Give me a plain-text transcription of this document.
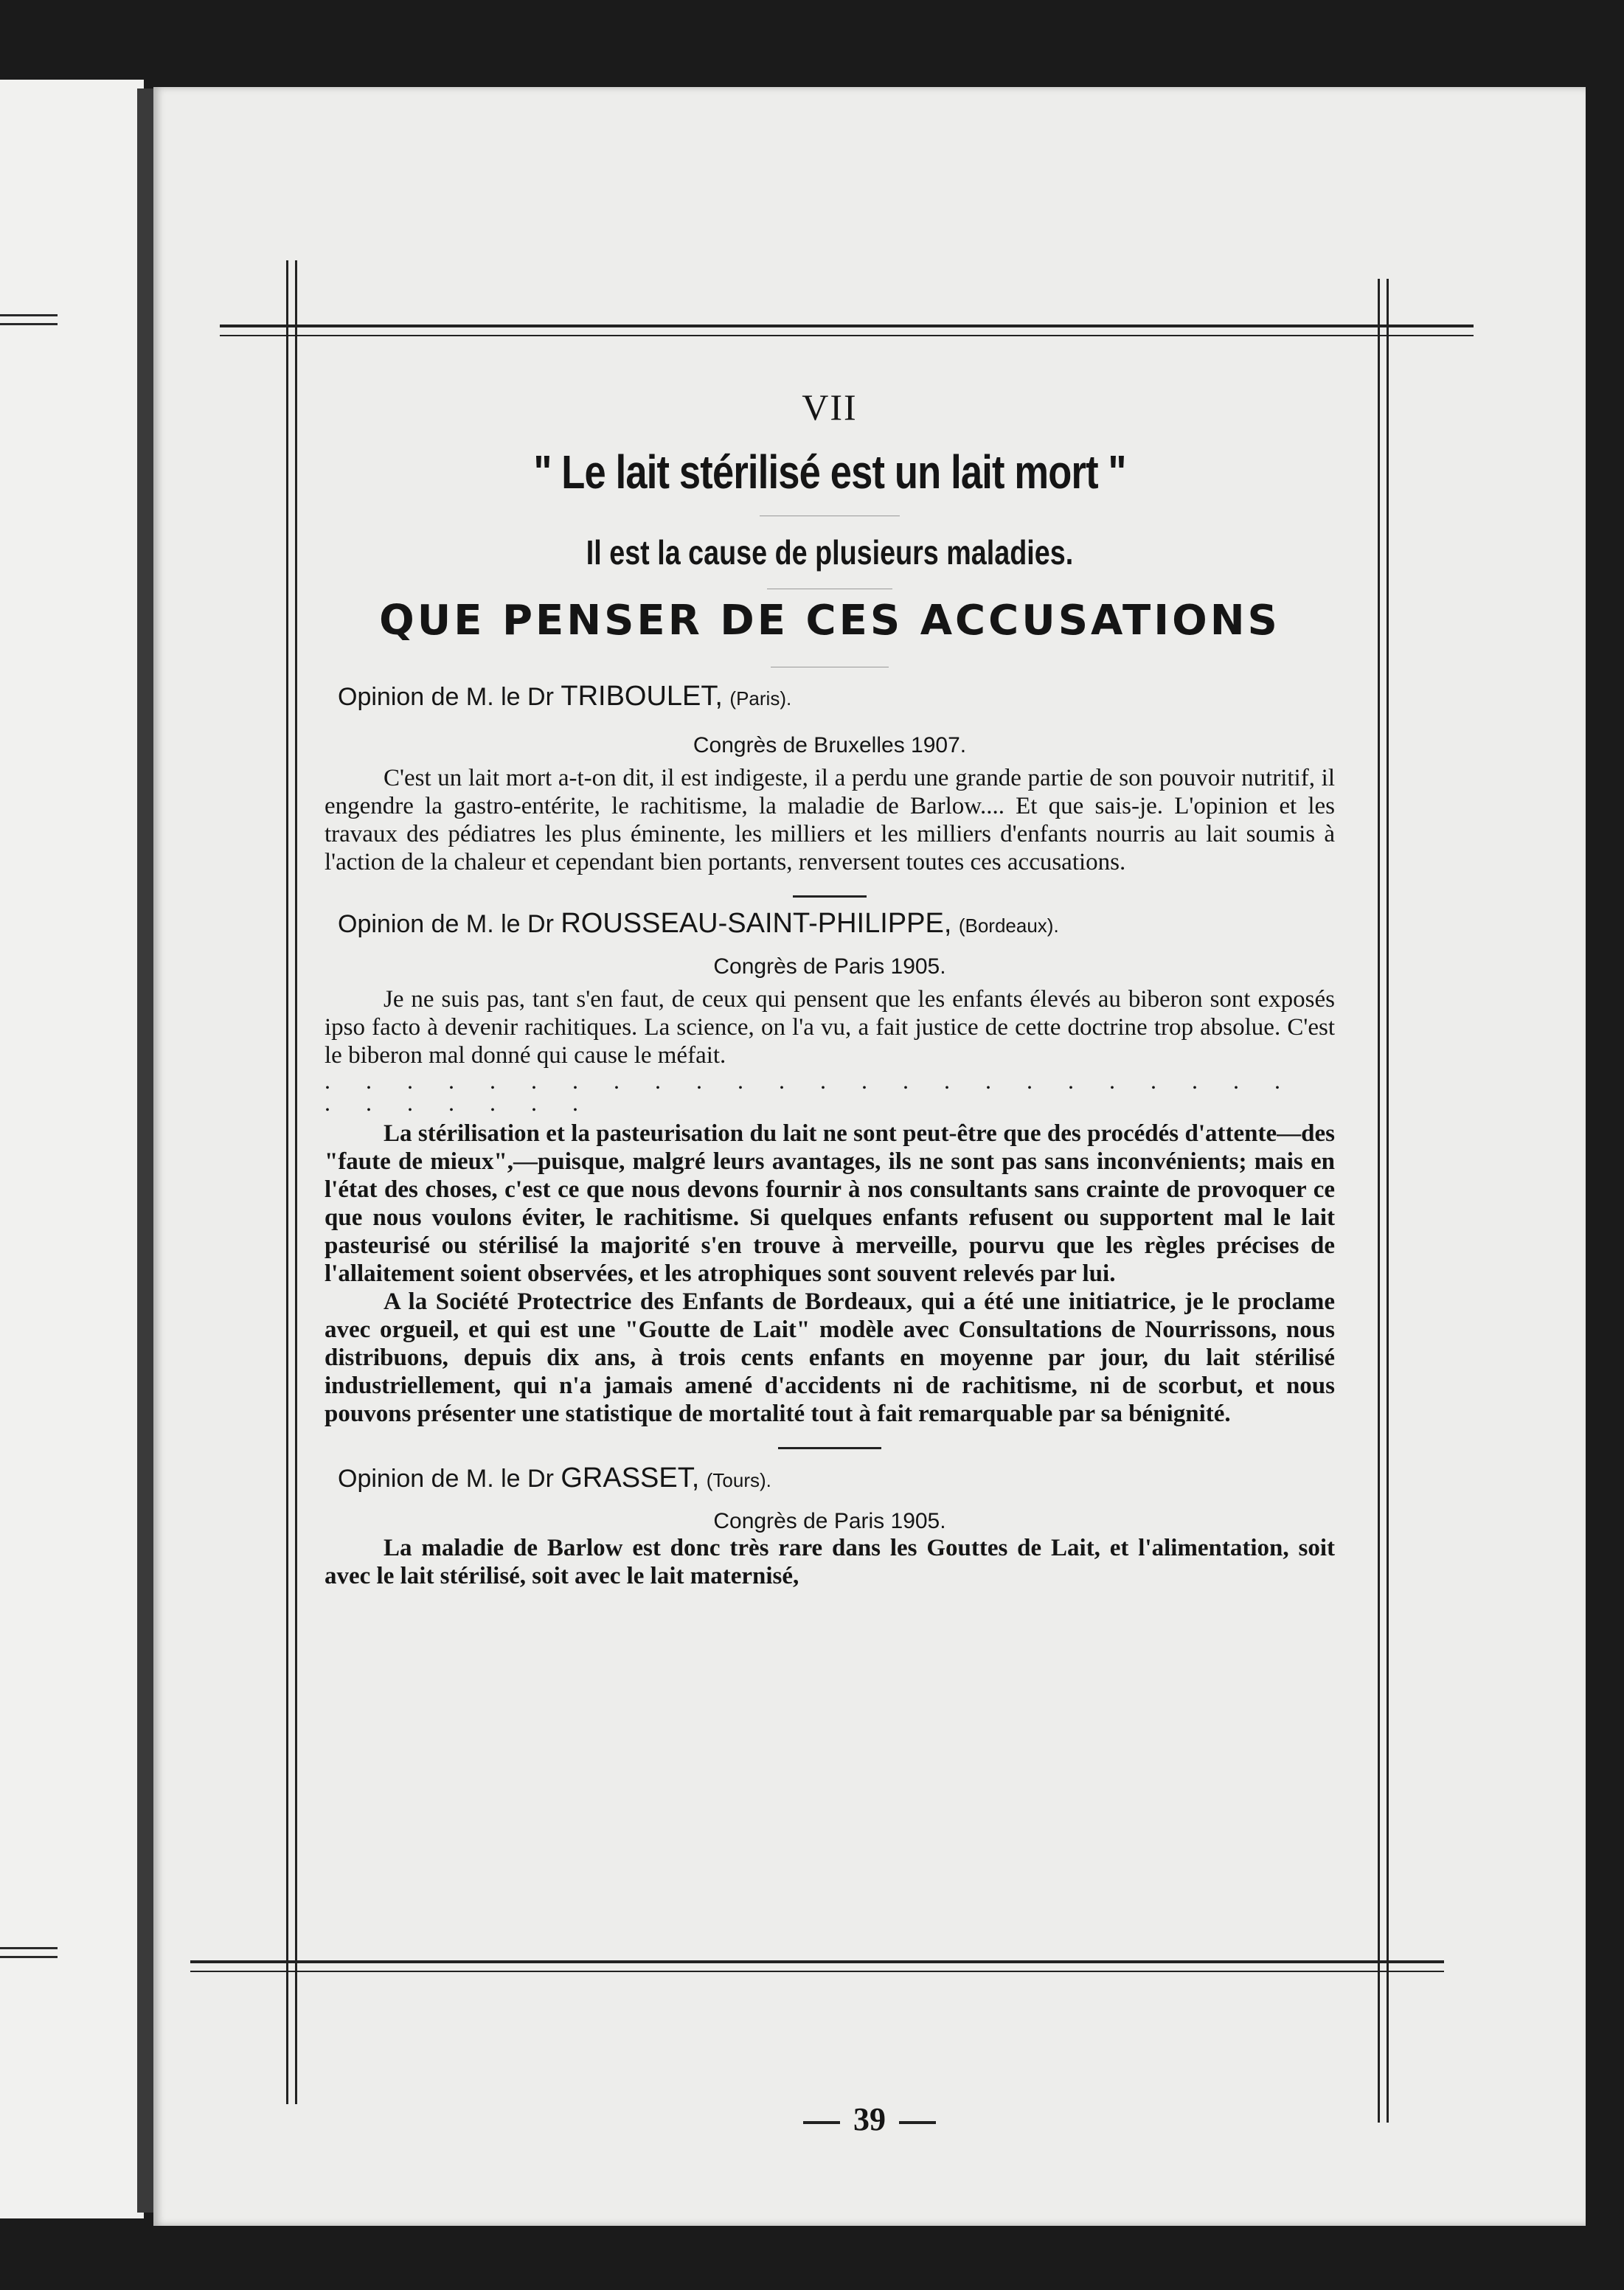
VII
" Le lait stérilisé est un lait mort "
Il est la cause de plusieurs maladies.
QUE PENSER DE CES ACCUSATIONS
Opinion de M. le Dr TRIBOULET, (Paris).
Congrès de Bruxelles 1907.

C'est un lait mort a-t-on dit, il est indigeste, il a perdu une grande partie de son pouvoir nutritif, il engendre la gastro-entérite, le rachitisme, la maladie de Barlow.... Et que sais-je. L'opinion et les travaux des pédiatres les plus éminente, les milliers et les milliers d'enfants nourris au lait soumis à l'action de la chaleur et cependant bien portants, renversent toutes ces accusations.

Opinion de M. le Dr ROUSSEAU-SAINT-PHILIPPE, (Bordeaux).
Congrès de Paris 1905.

Je ne suis pas, tant s'en faut, de ceux qui pensent que les enfants élevés au biberon sont exposés ipso facto à devenir rachitiques. La science, on l'a vu, a fait justice de cette doctrine trop absolue. C'est le biberon mal donné qui cause le méfait.

. . . . . . . . . . . . . . . . . . . . . . . . . . . . . . .

La stérilisation et la pasteurisation du lait ne sont peut-être que des procédés d'attente—des "faute de mieux",—puisque, malgré leurs avantages, ils ne sont pas sans inconvénients; mais en l'état des choses, c'est ce que nous devons fournir à nos consultants sans crainte de provoquer ce que nous voulons éviter, le rachitisme. Si quelques enfants refusent ou supportent mal le lait pasteurisé ou stérilisé la majorité s'en trouve à merveille, pourvu que les règles précises de l'allaitement soient observées, et les atrophiques sont souvent relevés par lui.

A la Société Protectrice des Enfants de Bordeaux, qui a été une initiatrice, je le proclame avec orgueil, et qui est une "Goutte de Lait" modèle avec Consultations de Nourrissons, nous distribuons, depuis dix ans, à trois cents enfants en moyenne par jour, du lait stérilisé industriellement, qui n'a jamais amené d'accidents ni de rachitisme, ni de scorbut, et nous pouvons présenter une statistique de mortalité tout à fait remarquable par sa bénignité.

Opinion de M. le Dr GRASSET, (Tours).
Congrès de Paris 1905.

La maladie de Barlow est donc très rare dans les Gouttes de Lait, et l'alimentation, soit avec le lait stérilisé, soit avec le lait materni​sé,

39
